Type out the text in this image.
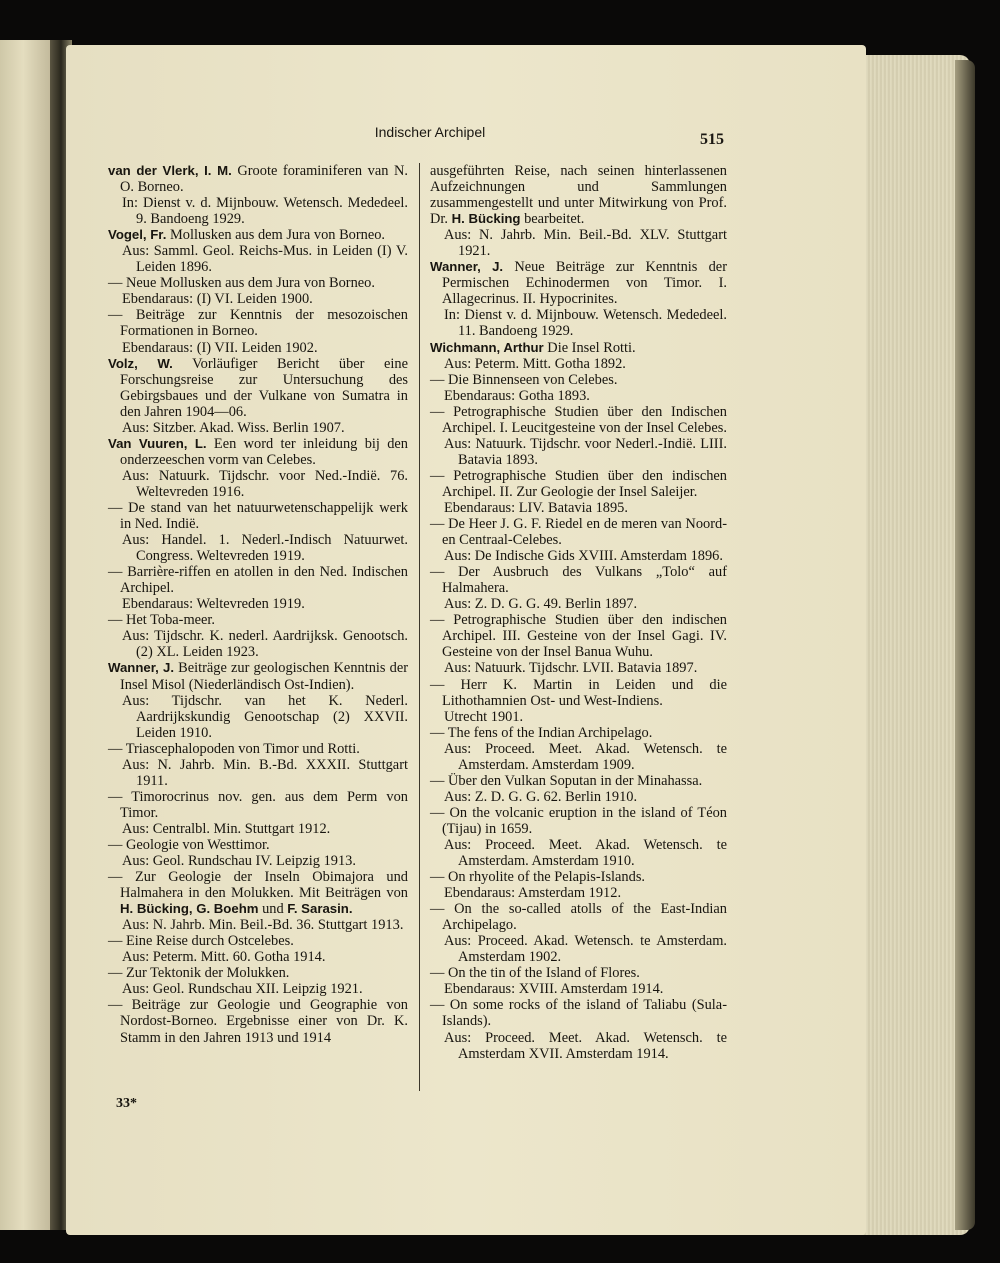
Indischer Archipel	515

van der Vlerk, I. M. Groote foraminiferen van N. O. Borneo.

In: Dienst v. d. Mijnbouw. Wetensch. Mededeel. 9. Bandoeng 1929.

Vogel, Fr. Mollusken aus dem Jura von Borneo.

Aus: Samml. Geol. Reichs-Mus. in Leiden (I) V. Leiden 1896.

— Neue Mollusken aus dem Jura von Borneo.

Ebendaraus: (I) VI. Leiden 1900.

— Beiträge zur Kenntnis der mesozoischen Formationen in Borneo.

Ebendaraus: (I) VII. Leiden 1902.

Volz, W. Vorläufiger Bericht über eine Forschungsreise zur Untersuchung des Gebirgsbaues und der Vulkane von Sumatra in den Jahren 1904—06.

Aus: Sitzber. Akad. Wiss. Berlin 1907.

Van Vuuren, L. Een word ter inleidung bij den onderzeeschen vorm van Celebes.

Aus: Natuurk. Tijdschr. voor Ned.-Indië. 76. Weltevreden 1916.

— De stand van het natuurwetenschappelijk werk in Ned. Indië.

Aus: Handel. 1. Nederl.-Indisch Natuurwet. Congress. Weltevreden 1919.

— Barrière-riffen en atollen in den Ned. Indischen Archipel.

Ebendaraus: Weltevreden 1919.

— Het Toba-meer.

Aus: Tijdschr. K. nederl. Aardrijksk. Genootsch. (2) XL. Leiden 1923.

Wanner, J. Beiträge zur geologischen Kenntnis der Insel Misol (Niederländisch Ost-Indien).

Aus: Tijdschr. van het K. Nederl. Aardrijkskundig Genootschap (2) XXVII. Leiden 1910.

— Triascephalopoden von Timor und Rotti.

Aus: N. Jahrb. Min. B.-Bd. XXXII. Stuttgart 1911.

— Timorocrinus nov. gen. aus dem Perm von Timor.

Aus: Centralbl. Min. Stuttgart 1912.

— Geologie von Westtimor.

Aus: Geol. Rundschau IV. Leipzig 1913.

— Zur Geologie der Inseln Obimajora und Halmahera in den Molukken. Mit Beiträgen von H. Bücking, G. Boehm und F. Sarasin.

Aus: N. Jahrb. Min. Beil.-Bd. 36. Stuttgart 1913.

— Eine Reise durch Ostcelebes.

Aus: Peterm. Mitt. 60. Gotha 1914.

— Zur Tektonik der Molukken.

Aus: Geol. Rundschau XII. Leipzig 1921.

— Beiträge zur Geologie und Geographie von Nordost-Borneo. Ergebnisse einer von Dr. K. Stamm in den Jahren 1913 und 1914

ausgeführten Reise, nach seinen hinterlassenen Aufzeichnungen und Sammlungen zusammengestellt und unter Mitwirkung von Prof. Dr. H. Bücking bearbeitet.

Aus: N. Jahrb. Min. Beil.-Bd. XLV. Stuttgart 1921.

Wanner, J. Neue Beiträge zur Kenntnis der Permischen Echinodermen von Timor. I. Allagecrinus. II. Hypocrinites.

In: Dienst v. d. Mijnbouw. Wetensch. Mededeel. 11. Bandoeng 1929.

Wichmann, Arthur Die Insel Rotti.

Aus: Peterm. Mitt. Gotha 1892.

— Die Binnenseen von Celebes.

Ebendaraus: Gotha 1893.

— Petrographische Studien über den Indischen Archipel. I. Leucitgesteine von der Insel Celebes.

Aus: Natuurk. Tijdschr. voor Nederl.-Indië. LIII. Batavia 1893.

— Petrographische Studien über den indischen Archipel. II. Zur Geologie der Insel Saleijer.

Ebendaraus: LIV. Batavia 1895.

— De Heer J. G. F. Riedel en de meren van Noord- en Centraal-Celebes.

Aus: De Indische Gids XVIII. Amsterdam 1896.

— Der Ausbruch des Vulkans „Tolo“ auf Halmahera.

Aus: Z. D. G. G. 49. Berlin 1897.

— Petrographische Studien über den indischen Archipel. III. Gesteine von der Insel Gagi. IV. Gesteine von der Insel Banua Wuhu.

Aus: Natuurk. Tijdschr. LVII. Batavia 1897.

— Herr K. Martin in Leiden und die Lithothamnien Ost- und West-Indiens.

Utrecht 1901.

— The fens of the Indian Archipelago.

Aus: Proceed. Meet. Akad. Wetensch. te Amsterdam. Amsterdam 1909.

— Über den Vulkan Soputan in der Minahassa.

Aus: Z. D. G. G. 62. Berlin 1910.

— On the volcanic eruption in the island of Téon (Tijau) in 1659.

Aus: Proceed. Meet. Akad. Wetensch. te Amsterdam. Amsterdam 1910.

— On rhyolite of the Pelapis-Islands.

Ebendaraus: Amsterdam 1912.

— On the so-called atolls of the East-Indian Archipelago.

Aus: Proceed. Akad. Wetensch. te Amsterdam. Amsterdam 1902.

— On the tin of the Island of Flores.

Ebendaraus: XVIII. Amsterdam 1914.

— On some rocks of the island of Taliabu (Sula-Islands).

Aus: Proceed. Meet. Akad. Wetensch. te Amsterdam XVII. Amsterdam 1914.

33*
